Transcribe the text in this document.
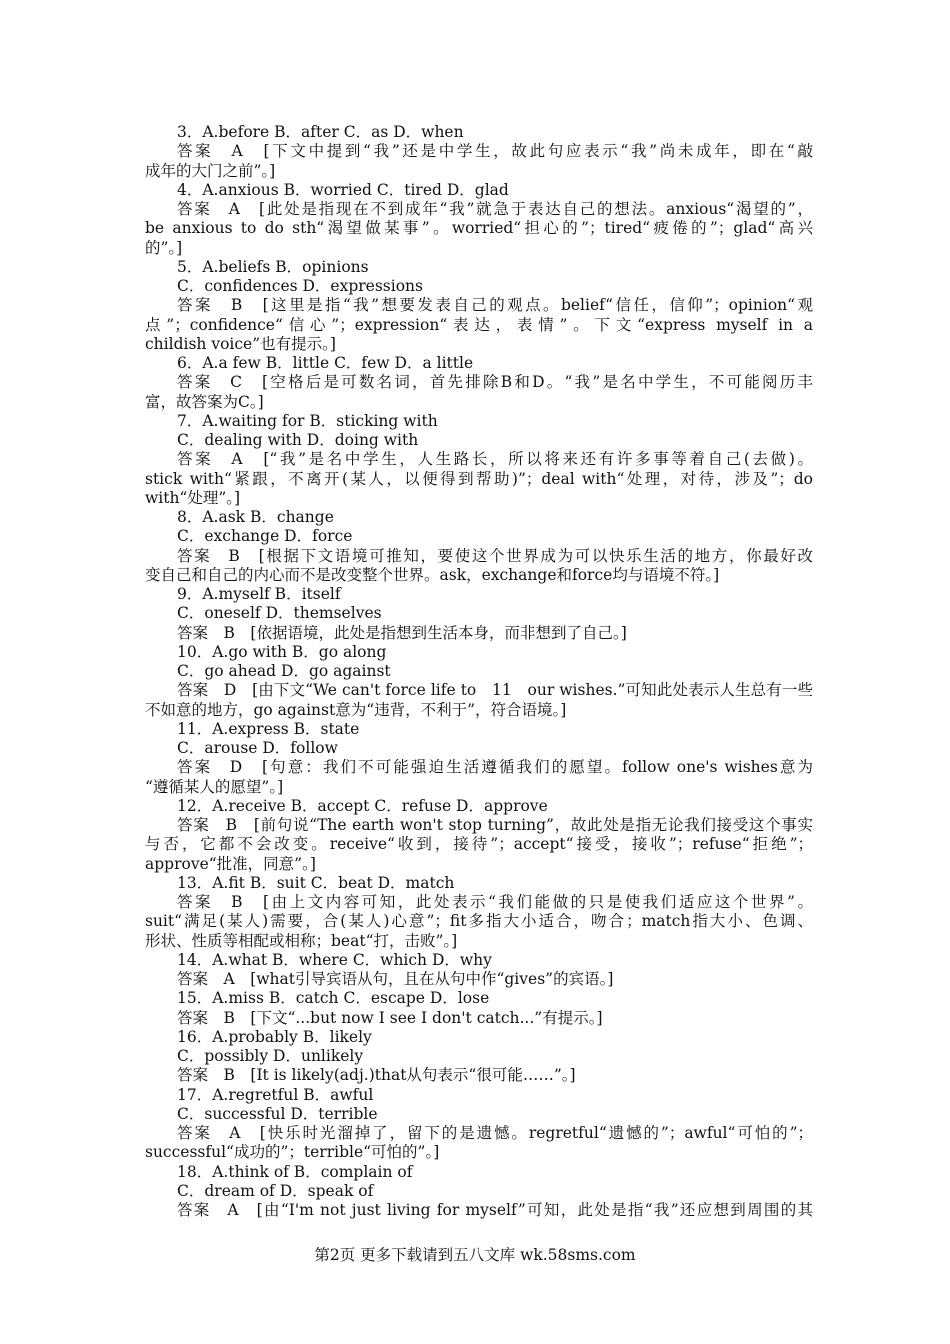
3．A.before B．after C．as D．when
答案　A　[下文中提到“我”还是中学生，故此句应表示“我”尚未成年，即在“敲
成年的大门之前”。]
4．A.anxious B．worried C．tired D．glad
答案　A　[此处是指现在不到成年“我”就急于表达自己的想法。anxious“渴望的”，
be anxious to do sth“渴望做某事”。worried“担心的”；tired“疲倦的”；glad“高兴
的”。]
5．A.beliefs B．opinions
C．confidences D．expressions
答案　B　[这里是指“我”想要发表自己的观点。belief“信任，信仰”；opinion“观
点”；confidence“信心”；expression“表达，表情”。下文“express myself in a
childish voice”也有提示。]
6．A.a few B．little C．few D．a little
答案　C　[空格后是可数名词，首先排除B和D。“我”是名中学生，不可能阅历丰
富，故答案为C。]
7．A.waiting for B．sticking with
C．dealing with D．doing with
答案　A　[“我”是名中学生，人生路长，所以将来还有许多事等着自己(去做)。
stick with“紧跟，不离开(某人，以便得到帮助)”；deal with“处理，对待，涉及”；do
with“处理”。]
8．A.ask B．change
C．exchange D．force
答案　B　[根据下文语境可推知，要使这个世界成为可以快乐生活的地方，你最好改
变自己和自己的内心而不是改变整个世界。ask，exchange和force均与语境不符。]
9．A.myself B．itself
C．oneself D．themselves
答案　B　[依据语境，此处是指想到生活本身，而非想到了自己。]
10．A.go with B．go along
C．go ahead D．go against
答案　D　[由下文“We can't force life to　11　our wishes.”可知此处表示人生总有一些
不如意的地方，go against意为“违背，不利于”，符合语境。]
11．A.express B．state
C．arouse D．follow
答案　D　[句意：我们不可能强迫生活遵循我们的愿望。follow one's wishes意为
“遵循某人的愿望”。]
12．A.receive B．accept C．refuse D．approve
答案　B　[前句说“The earth won't stop turning”，故此处是指无论我们接受这个事实
与否，它都不会改变。receive“收到，接待”；accept“接受，接收”；refuse“拒绝”；
approve“批准，同意”。]
13．A.fit B．suit C．beat D．match
答案　B　[由上文内容可知，此处表示“我们能做的只是使我们适应这个世界”。
suit“满足(某人)需要，合(某人)心意”；fit多指大小适合，吻合；match指大小、色调、
形状、性质等相配或相称；beat“打，击败”。]
14．A.what B．where C．which D．why
答案　A　[what引导宾语从句，且在从句中作“gives”的宾语。]
15．A.miss B．catch C．escape D．lose
答案　B　[下文“...but now I see I don't catch...”有提示。]
16．A.probably B．likely
C．possibly D．unlikely
答案　B　[It is likely(adj.)that从句表示“很可能……”。]
17．A.regretful B．awful
C．successful D．terrible
答案　A　[快乐时光溜掉了，留下的是遗憾。regretful“遗憾的”；awful“可怕的”；
successful“成功的”；terrible“可怕的”。]
18．A.think of B．complain of
C．dream of D．speak of
答案　A　[由“I'm not just living for myself”可知，此处是指“我”还应想到周围的其
第2页 更多下载请到五八文库 wk.58sms.com
